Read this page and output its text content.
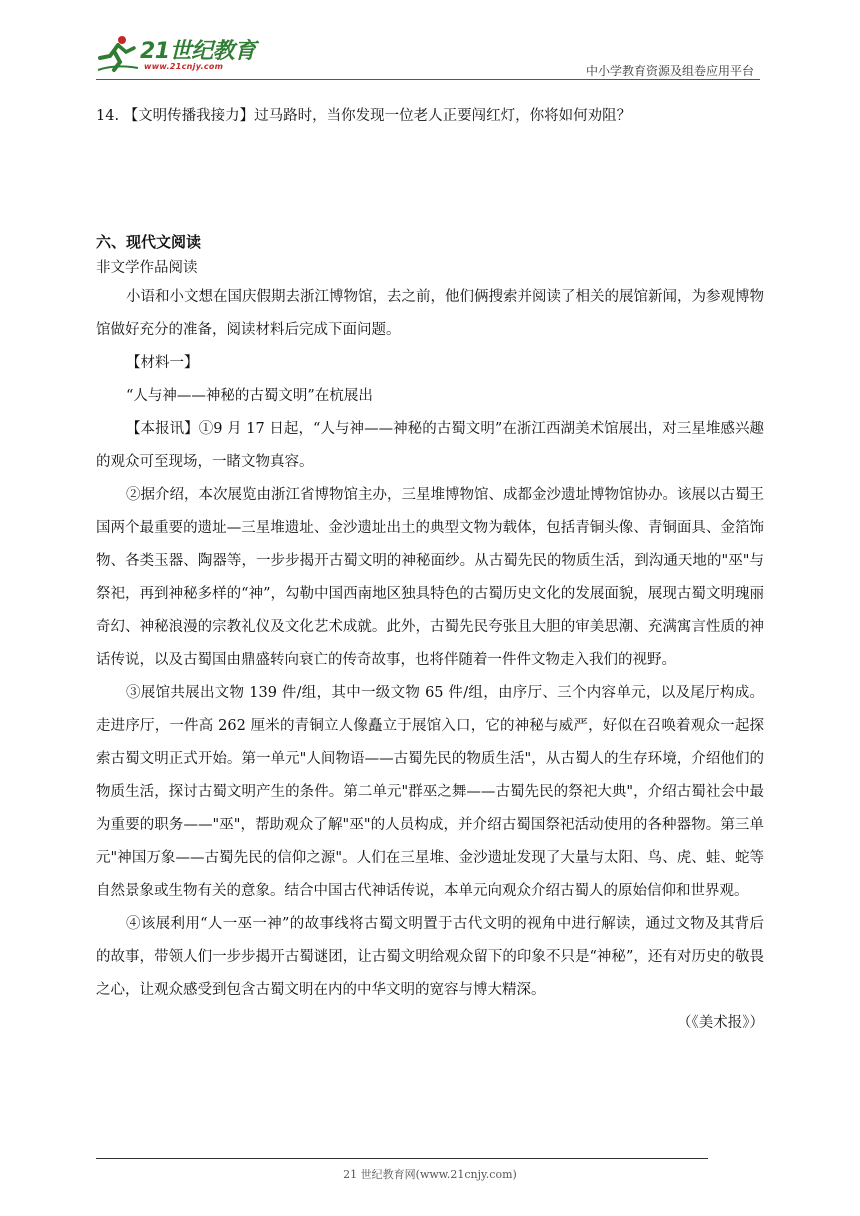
21世纪教育
www.21cnjy.com	中小学教育资源及组卷应用平台

14. 【文明传播我接力】过马路时，当你发现一位老人正要闯红灯，你将如何劝阻？

六、现代文阅读

非文学作品阅读

小语和小文想在国庆假期去浙江博物馆，去之前，他们俩搜索并阅读了相关的展馆新闻，为参观博物馆做好充分的准备，阅读材料后完成下面问题。

【材料一】

“人与神——神秘的古蜀文明”在杭展出

【本报讯】①9 月 17 日起，“人与神——神秘的古蜀文明”在浙江西湖美术馆展出，对三星堆感兴趣的观众可至现场，一睹文物真容。

②据介绍，本次展览由浙江省博物馆主办，三星堆博物馆、成都金沙遗址博物馆协办。该展以古蜀王国两个最重要的遗址—三星堆遗址、金沙遗址出土的典型文物为载体，包括青铜头像、青铜面具、金箔饰物、各类玉器、陶器等，一步步揭开古蜀文明的神秘面纱。从古蜀先民的物质生活，到沟通天地的"巫"与祭祀，再到神秘多样的“神”，勾勒中国西南地区独具特色的古蜀历史文化的发展面貌，展现古蜀文明瑰丽奇幻、神秘浪漫的宗教礼仪及文化艺术成就。此外，古蜀先民夸张且大胆的审美思潮、充满寓言性质的神话传说，以及古蜀国由鼎盛转向衰亡的传奇故事，也将伴随着一件件文物走入我们的视野。

③展馆共展出文物 139 件/组，其中一级文物 65 件/组，由序厅、三个内容单元，以及尾厅构成。走进序厅，一件高 262 厘米的青铜立人像矗立于展馆入口，它的神秘与威严，好似在召唤着观众一起探索古蜀文明正式开始。第一单元"人间物语——古蜀先民的物质生活"，从古蜀人的生存环境，介绍他们的物质生活，探讨古蜀文明产生的条件。第二单元"群巫之舞——古蜀先民的祭祀大典"，介绍古蜀社会中最为重要的职务——"巫"，帮助观众了解"巫"的人员构成，并介绍古蜀国祭祀活动使用的各种器物。第三单元"神国万象——古蜀先民的信仰之源"。人们在三星堆、金沙遗址发现了大量与太阳、鸟、虎、蛙、蛇等自然景象或生物有关的意象。结合中国古代神话传说，本单元向观众介绍古蜀人的原始信仰和世界观。

④该展利用“人一巫一神”的故事线将古蜀文明置于古代文明的视角中进行解读，通过文物及其背后的故事，带领人们一步步揭开古蜀谜团，让古蜀文明给观众留下的印象不只是“神秘”，还有对历史的敬畏之心，让观众感受到包含古蜀文明在内的中华文明的宽容与博大精深。

（《美术报》）

21 世纪教育网(www.21cnjy.com)
